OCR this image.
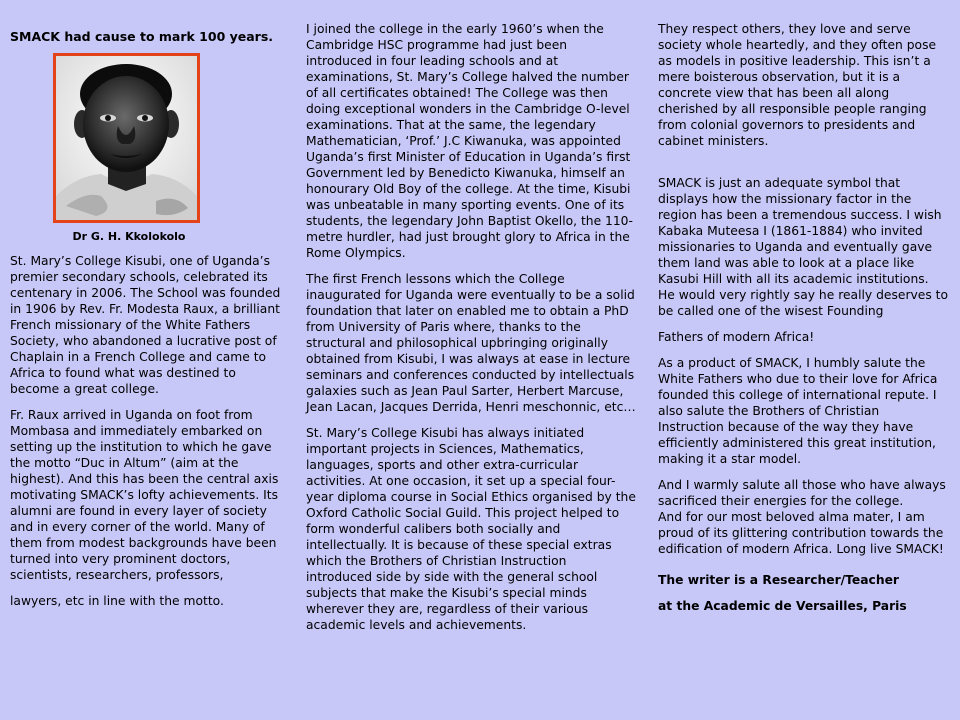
SMACK had cause to mark 100 years.
Dr G. H. Kkolokolo

St. Mary’s College Kisubi, one of Uganda’s premier secondary schools, celebrated its centenary in 2006. The School was founded in 1906 by Rev. Fr. Modesta Raux, a brilliant French missionary of the White Fathers Society, who abandoned a lucrative post of Chaplain in a French College and came to Africa to found what was destined to become a great college.

Fr. Raux arrived in Uganda on foot from Mombasa and immediately embarked on setting up the institution to which he gave the motto “Duc in Altum” (aim at the highest). And this has been the central axis motivating SMACK’s lofty achievements. Its alumni are found in every layer of society and in every corner of the world. Many of them from modest backgrounds have been turned into very prominent doctors, scientists, researchers, professors,

lawyers, etc in line with the motto.

I joined the college in the early 1960’s when the Cambridge HSC programme had just been introduced in four leading schools and at examinations, St. Mary’s College halved the number of all certificates obtained! The College was then doing exceptional wonders in the Cambridge O-level examinations. That at the same, the legendary Mathematician, ‘Prof.’ J.C Kiwanuka, was appointed Uganda’s first Minister of Education in Uganda’s first Government led by Benedicto Kiwanuka, himself an honourary Old Boy of the college. At the time, Kisubi was unbeatable in many sporting events. One of its students, the legendary John Baptist Okello, the 110-metre hurdler, had just brought glory to Africa in the Rome Olympics.

The first French lessons which the College inaugurated for Uganda were eventually to be a solid foundation that later on enabled me to obtain a PhD from University of Paris where, thanks to the structural and philosophical upbringing originally obtained from Kisubi, I was always at ease in lecture seminars and conferences conducted by intellectuals galaxies such as Jean Paul Sarter, Herbert Marcuse, Jean Lacan, Jacques Derrida, Henri meschonnic, etc…

St. Mary’s College Kisubi has always initiated important projects in Sciences, Mathematics, languages, sports and other extra-curricular activities. At one occasion, it set up a special four-year diploma course in Social Ethics organised by the Oxford Catholic Social Guild. This project helped to form wonderful calibers both socially and intellectually. It is because of these special extras which the Brothers of Christian Instruction introduced side by side with the general school subjects that make the Kisubi’s special minds wherever they are, regardless of their various academic levels and achievements.

They respect others, they love and serve society whole heartedly, and they often pose as models in positive leadership. This isn’t a mere boisterous observation, but it is a concrete view that has been all along cherished by all responsible people ranging from colonial governors to presidents and cabinet ministers.

SMACK is just an adequate symbol that displays how the missionary factor in the region has been a tremendous success. I wish Kabaka Muteesa I (1861-1884) who invited missionaries to Uganda and eventually gave them land was able to look at a place like Kasubi Hill with all its academic institutions. He would very rightly say he really deserves to be called one of the wisest Founding

Fathers of modern Africa!

As a product of SMACK, I humbly salute the White Fathers who due to their love for Africa founded this college of international repute. I also salute the Brothers of Christian Instruction because of the way they have efficiently administered this great institution, making it a star model.

And I warmly salute all those who have always sacrificed their energies for the college.

And for our most beloved alma mater, I am proud of its glittering contribution towards the edification of modern Africa. Long live SMACK!

The writer is a Researcher/Teacher
at the Academic de Versailles, Paris
